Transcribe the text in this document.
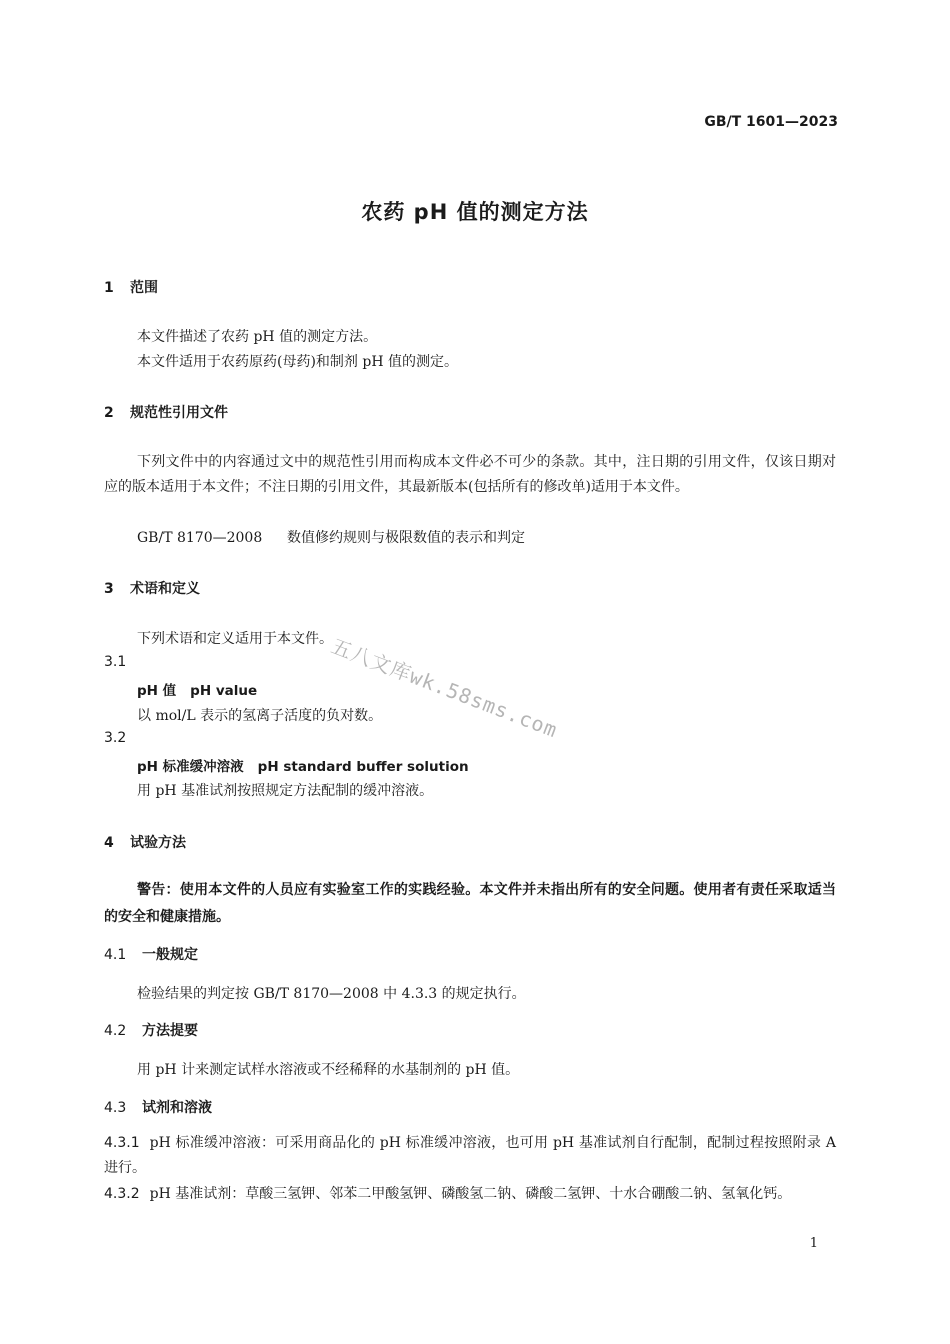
GB/T 1601—2023
农药 pH 值的测定方法
1 范围
本文件描述了农药 pH 值的测定方法。
本文件适用于农药原药(母药)和制剂 pH 值的测定。
2 规范性引用文件
下列文件中的内容通过文中的规范性引用而构成本文件必不可少的条款。其中，注日期的引用文件，仅该日期对应的版本适用于本文件；不注日期的引用文件，其最新版本(包括所有的修改单)适用于本文件。
GB/T 8170—2008 数值修约规则与极限数值的表示和判定
3 术语和定义
下列术语和定义适用于本文件。
3.1
pH 值 pH value
以 mol/L 表示的氢离子活度的负对数。
3.2
pH 标准缓冲溶液 pH standard buffer solution
用 pH 基准试剂按照规定方法配制的缓冲溶液。
4 试验方法
警告：使用本文件的人员应有实验室工作的实践经验。本文件并未指出所有的安全问题。使用者有责任采取适当的安全和健康措施。
4.1 一般规定
检验结果的判定按 GB/T 8170—2008 中 4.3.3 的规定执行。
4.2 方法提要
用 pH 计来测定试样水溶液或不经稀释的水基制剂的 pH 值。
4.3 试剂和溶液
4.3.1 pH 标准缓冲溶液：可采用商品化的 pH 标准缓冲溶液，也可用 pH 基准试剂自行配制，配制过程按照附录 A 进行。
4.3.2 pH 基准试剂：草酸三氢钾、邻苯二甲酸氢钾、磷酸氢二钠、磷酸二氢钾、十水合硼酸二钠、氢氧化钙。
五八文库wk.58sms.com
1
